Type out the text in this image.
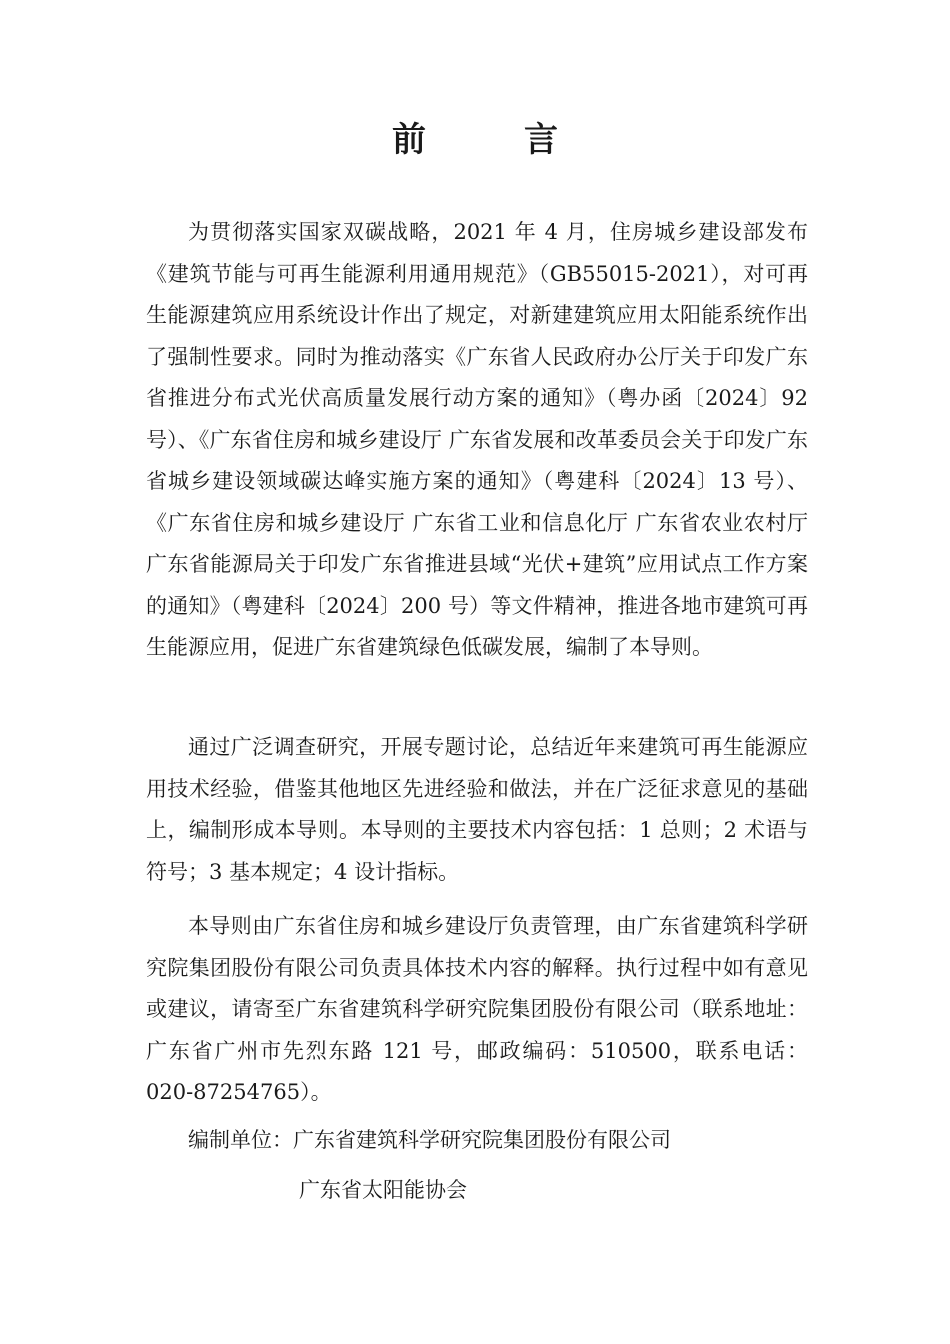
前　言

为贯彻落实国家双碳战略，2021 年 4 月，住房城乡建设部发布《建筑节能与可再生能源利用通用规范》（GB55015-2021），对可再生能源建筑应用系统设计作出了规定，对新建建筑应用太阳能系统作出了强制性要求。同时为推动落实《广东省人民政府办公厅关于印发广东省推进分布式光伏高质量发展行动方案的通知》（粤办函〔2024〕92 号）、《广东省住房和城乡建设厅 广东省发展和改革委员会关于印发广东省城乡建设领域碳达峰实施方案的通知》（粤建科〔2024〕13 号）、《广东省住房和城乡建设厅 广东省工业和信息化厅 广东省农业农村厅 广东省能源局关于印发广东省推进县域“光伏+建筑”应用试点工作方案的通知》（粤建科〔2024〕200 号）等文件精神，推进各地市建筑可再生能源应用，促进广东省建筑绿色低碳发展，编制了本导则。

通过广泛调查研究，开展专题讨论，总结近年来建筑可再生能源应用技术经验，借鉴其他地区先进经验和做法，并在广泛征求意见的基础上，编制形成本导则。本导则的主要技术内容包括：1 总则；2 术语与符号；3 基本规定；4 设计指标。

本导则由广东省住房和城乡建设厅负责管理，由广东省建筑科学研究院集团股份有限公司负责具体技术内容的解释。执行过程中如有意见或建议，请寄至广东省建筑科学研究院集团股份有限公司（联系地址：广东省广州市先烈东路 121 号，邮政编码：510500，联系电话：020-87254765）。

编制单位：广东省建筑科学研究院集团股份有限公司

广东省太阳能协会
